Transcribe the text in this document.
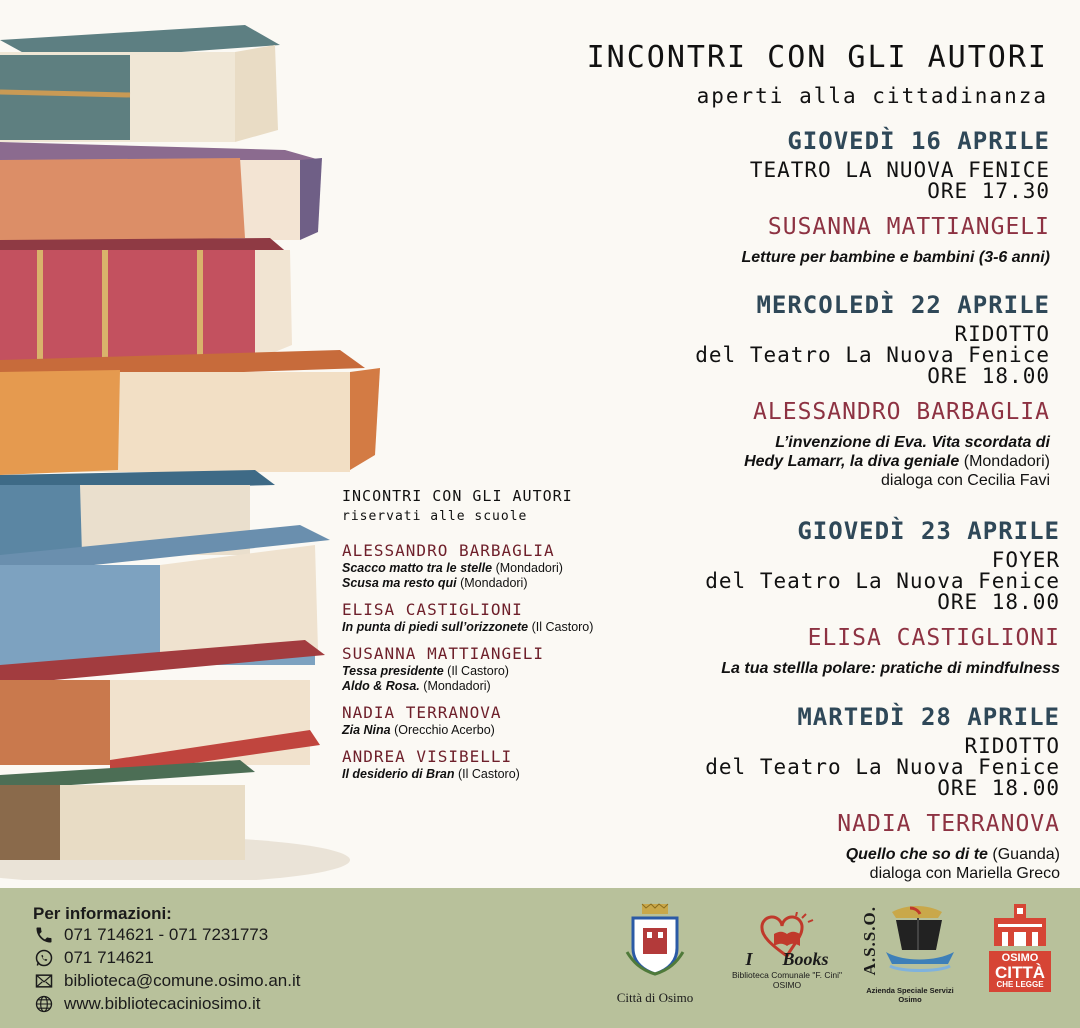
INCONTRI CON GLI AUTORI
aperti alla cittadinanza
GIOVEDÌ 16 APRILE
TEATRO LA NUOVA FENICE
ORE 17.30
SUSANNA MATTIANGELI
Letture per bambine e bambini (3-6 anni)
MERCOLEDÌ 22 APRILE
RIDOTTO
del Teatro La Nuova Fenice
ORE 18.00
ALESSANDRO BARBAGLIA
L’invenzione di Eva. Vita scordata di
Hedy Lamarr, la diva geniale (Mondadori)
dialoga con Cecilia Favi
GIOVEDÌ 23 APRILE
FOYER
del Teatro La Nuova Fenice
ORE 18.00
ELISA CASTIGLIONI
La tua stellla polare: pratiche di mindfulness
MARTEDÌ 28 APRILE
RIDOTTO
del Teatro La Nuova Fenice
ORE 18.00
NADIA TERRANOVA
Quello che so di te (Guanda)
dialoga con Mariella Greco
INCONTRI CON GLI AUTORI
riservati alle scuole
ALESSANDRO BARBAGLIA
Scacco matto tra le stelle (Mondadori)
Scusa ma resto qui (Mondadori)
ELISA CASTIGLIONI
In punta di piedi sull’orizzonete (Il Castoro)
SUSANNA MATTIANGELI
Tessa presidente (Il Castoro)
Aldo & Rosa. (Mondadori)
NADIA TERRANOVA
Zia Nina (Orecchio Acerbo)
ANDREA VISIBELLI
Il desiderio di Bran (Il Castoro)
Per informazioni:
071 714621 - 071 7231773
071 714621
biblioteca@comune.osimo.an.it
www.bibliotecaciniosimo.it	Città di Osimo
I Books
Biblioteca Comunale "F. Cini"
OSIMO
A.S.S.O.
Azienda Speciale Servizi
Osimo
OSIMO
CITTÀ
CHE LEGGE
